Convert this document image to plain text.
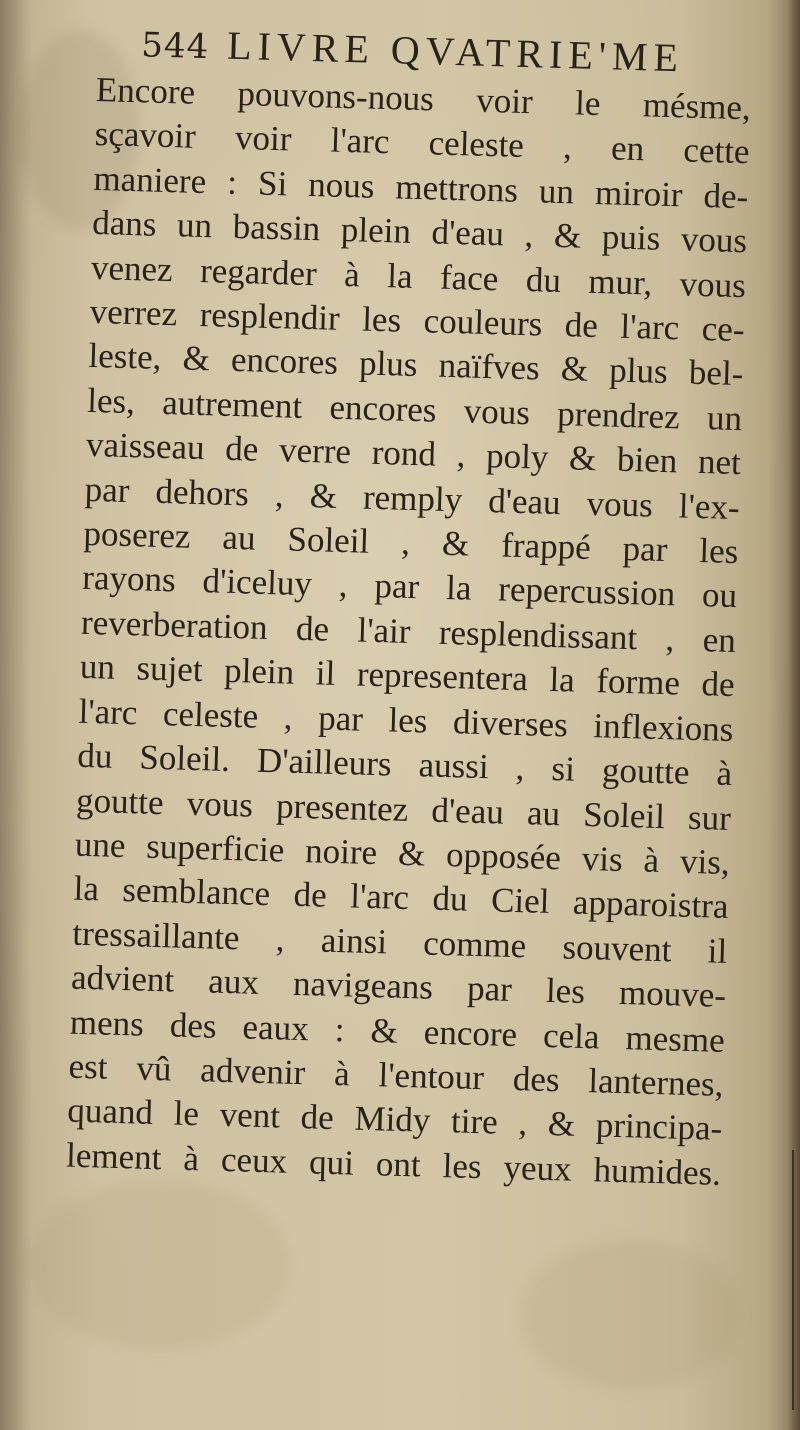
544 LIVRE QVATRIE'ME
Encore pouvons-nous voir le mésme,
sçavoir voir l'arc celeste , en cette
maniere : Si nous mettrons un miroir de-
dans un bassin plein d'eau , & puis vous
venez regarder à la face du mur, vous
verrez resplendir les couleurs de l'arc ce-
leste, & encores plus naïfves & plus bel-
les, autrement encores vous prendrez un
vaisseau de verre rond , poly & bien net
par dehors , & remply d'eau vous l'ex-
poserez au Soleil , & frappé par les
rayons d'iceluy , par la repercussion ou
reverberation de l'air resplendissant , en
un sujet plein il representera la forme de
l'arc celeste , par les diverses inflexions
du Soleil. D'ailleurs aussi , si goutte à
goutte vous presentez d'eau au Soleil sur
une superficie noire & opposée vis à vis,
la semblance de l'arc du Ciel apparoistra
tressaillante , ainsi comme souvent il
advient aux navigeans par les mouve-
mens des eaux : & encore cela mesme
est vû advenir à l'entour des lanternes,
quand le vent de Midy tire , & principa-
lement à ceux qui ont les yeux humides.
